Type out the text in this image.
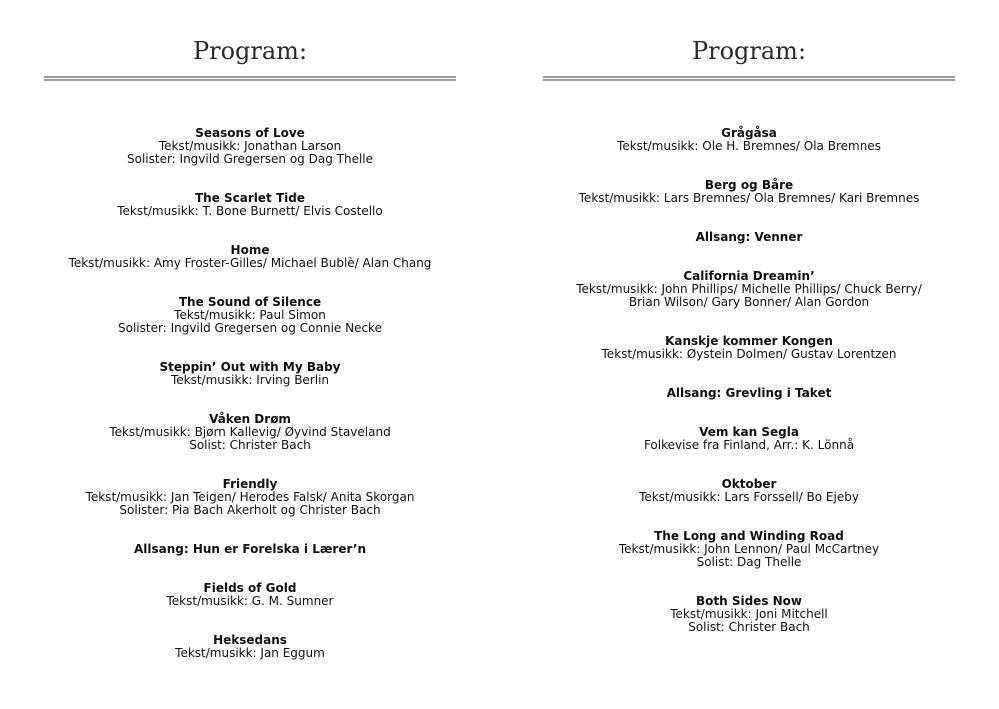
Program:
Seasons of Love
Tekst/musikk: Jonathan Larson
Solister: Ingvild Gregersen og Dag Thelle
The Scarlet Tide
Tekst/musikk: T. Bone Burnett/ Elvis Costello
Home
Tekst/musikk: Amy Froster-Gilles/ Michael Bublè/ Alan Chang
The Sound of Silence
Tekst/musikk: Paul Simon
Solister: Ingvild Gregersen og Connie Necke
Steppin’ Out with My Baby
Tekst/musikk: Irving Berlin
Våken Drøm
Tekst/musikk: Bjørn Kallevig/ Øyvind Staveland
Solist: Christer Bach
Friendly
Tekst/musikk: Jan Teigen/ Herodes Falsk/ Anita Skorgan
Solister: Pia Bach Akerholt og Christer Bach
Allsang: Hun er Forelska i Lærer’n
Fields of Gold
Tekst/musikk: G. M. Sumner
Heksedans
Tekst/musikk: Jan Eggum
Program:
Grågåsa
Tekst/musikk: Ole H. Bremnes/ Ola Bremnes
Berg og Båre
Tekst/musikk: Lars Bremnes/ Ola Bremnes/ Kari Bremnes
Allsang: Venner
California Dreamin’
Tekst/musikk: John Phillips/ Michelle Phillips/ Chuck Berry/
Brian Wilson/ Gary Bonner/ Alan Gordon
Kanskje kommer Kongen
Tekst/musikk: Øystein Dolmen/ Gustav Lorentzen
Allsang: Grevling i Taket
Vem kan Segla
Folkevise fra Finland, Arr.: K. Lönnå
Oktober
Tekst/musikk: Lars Forssell/ Bo Ejeby
The Long and Winding Road
Tekst/musikk: John Lennon/ Paul McCartney
Solist: Dag Thelle
Both Sides Now
Tekst/musikk: Joni Mitchell
Solist: Christer Bach
